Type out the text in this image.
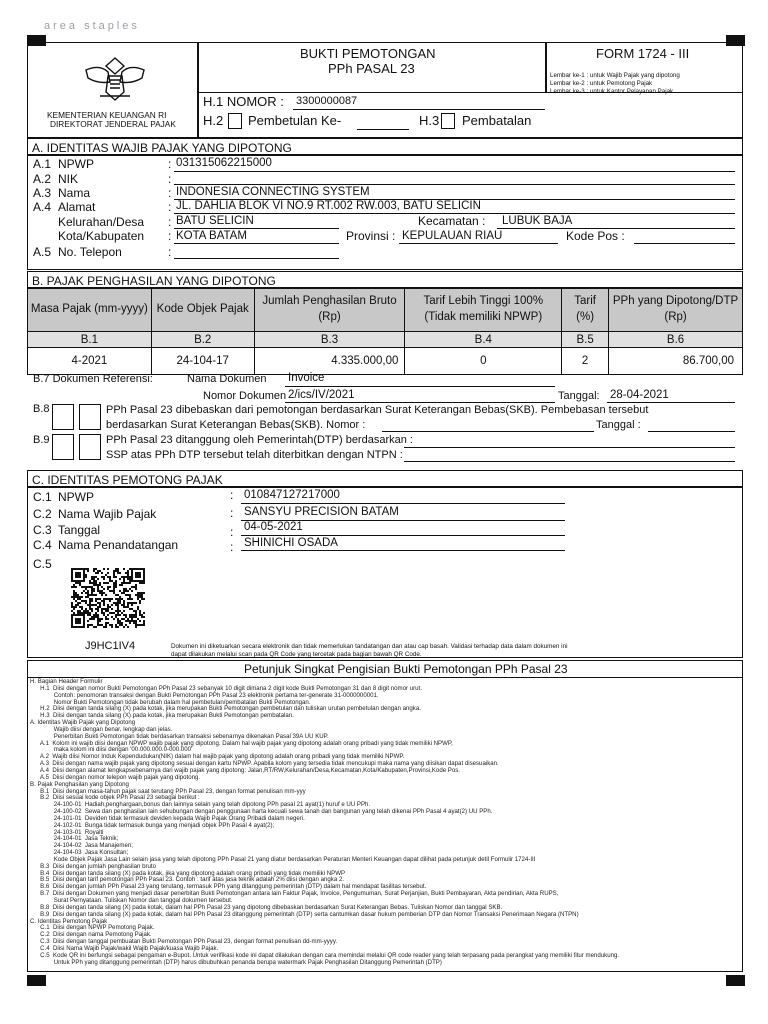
area staples
KEMENTERIAN KEUANGAN RI
DIREKTORAT JENDERAL PAJAK
BUKTI PEMOTONGAN
PPh PASAL 23
FORM 1724 - III
Lembar ke-1 : untuk Wajib Pajak yang dipotong
Lembar ke-2 : untuk Pemotong Pajak
Lembar ke-3 : untuk Kantor Pelayanan Pajak
H.1 NOMOR : 3300000087
H.2 Pembetulan Ke-	H.3 Pembatalan
A. IDENTITAS WAJIB PAJAK YANG DIPOTONG
A.1 NPWP	: 031315062215000
A.2 NIK	:
A.3 Nama	: INDONESIA CONNECTING SYSTEM
A.4 Alamat	: JL. DAHLIA BLOK VI NO.9 RT.002 RW.003, BATU SELICIN
Kelurahan/Desa : BATU SELICIN	Kecamatan : LUBUK BAJA
Kota/Kabupaten : KOTA BATAM	Provinsi : KEPULAUAN RIAU	Kode Pos :
A.5 No. Telepon	:
B. PAJAK PENGHASILAN YANG DIPOTONG
Masa Pajak (mm-yyyy)	Kode Objek Pajak	Jumlah Penghasilan Bruto (Rp)	Tarif Lebih Tinggi 100% (Tidak memiliki NPWP)	Tarif (%)	PPh yang Dipotong/DTP (Rp)
B.1	B.2	B.3	B.4	B.5	B.6
4-2021	24-104-17	4.335.000,00	0	2	86.700,00
B.7 Dokumen Referensi:	Nama Dokumen Invoice
Nomor Dokumen 2/ics/IV/2021	Tanggal: 28-04-2021
B.8	PPh Pasal 23 dibebaskan dari pemotongan berdasarkan Surat Keterangan Bebas(SKB). Pembebasan tersebut
berdasarkan Surat Keterangan Bebas(SKB). Nomor :	Tanggal :
B.9	PPh Pasal 23 ditanggung oleh Pemerintah(DTP) berdasarkan :
SSP atas PPh DTP tersebut telah diterbitkan dengan NTPN :
C. IDENTITAS PEMOTONG PAJAK
C.1 NPWP	: 010847127217000
C.2 Nama Wajib Pajak	: SANSYU PRECISION BATAM
C.3 Tanggal	: 04-05-2021
C.4 Nama Penandatangan	: SHINICHI OSADA
C.5
J9HC1IV4	Dokumen ini diketuarkan secara elektronik dan tidak memerlukan tandatangan dan atau cap basah. Validasi terhadap data dalam dokumen ini
dapat dilakukan melalui scan pada QR Code yang tercetak pada bagian bawah QR Code.
Petunjuk Singkat Pengisian Bukti Pemotongan PPh Pasal 23
H. Bagian Header Formulir
H.1  Diisi dengan nomor Bukti Pemotongan PPh Pasal 23 sebanyak 10 digit dimana 2 digit kode Bukti Pemotongan 31 dan 8 digit nomor urut.
Contoh: penomoran transaksi dengan Bukti Pemotongan PPh Pasal 23 elektronik pertama ter-generate 31-0000000001.
Nomor Bukti Pemotongan tidak berubah dalam hal pembetulan/pembatalan Bukti Pemotongan.
H.2  Diisi dengan tanda silang (X) pada kotak, jika merupakan Bukti Pemotongan pembetulan dan tuliskan urutan pembetulan dengan angka.
H.3  Diisi dengan tanda silang (X) pada kotak, jika merupakan Bukti Pemotongan pembatalan.
A. Identitas Wajib Pajak yang Dipotong
Wajib diisi dengan benar, lengkap dan jelas.
Penerbitan Bukti Pemotongan tidak berdasarkan transaksi sebenarnya dikenakan Pasal 39A UU KUP.
A.1  Kolom ini wajib diisi dengan NPWP wajib pajak yang dipotong. Dalam hal wajib pajak yang dipotong adalah orang pribadi yang tidak memiliki NPWP,
maka kolom ini diisi dengan '00.000.000.0-000.000'
A.2  Wajib diisi Nomor Induk Kependudukan(NIK) dalam hal wajib pajak yang dipotong adalah orang pribadi yang tidak memiliki NPWP.
A.3  Diisi dengan nama wajib pajak yang dipotong sesuai dengan kartu NPWP. Apabila kolom yang tersedia tidak mencukupi maka nama yang diisikan dapat disesuaikan.
A.4  Diisi dengan alamat lengkapsebenarnya dari wajib pajak yang dipotong: Jalan,RT/RW,Kelurahan/Desa,Kecamatan,Kota/Kabupaten,Provinsi,Kode Pos.
A.5  Diisi dengan nomor telepon wajib pajak yang dipotong.
B. Pajak Penghasilan yang Dipotong
B.1  Diisi dengan masa-tahun pajak saat terutang PPh Pasal 23, dengan format penulisan mm-yyy
B.2  Diisi sesuai kode objek PPh Pasal 23 sebagai berikut :
24-100-01  Hadiah,penghargaan,bonus dan lainnya selain yang telah dipotong PPh pasal 21 ayat(1) huruf e UU PPh.
24-100-02  Sewa dan penghasilan lain sehubungan dengan penggunaan harta kecuali sewa tanah dan bangunan yang telah dikenai PPh Pasal 4 ayat(2) UU PPh.
24-101-01  Deviden tidak termasuk deviden kepada Wajib Pajak Orang Pribadi dalam negeri.
24-102-01  Bunga tidak termasuk bunga yang menjadi objek PPh Pasal 4 ayat(2);
24-103-01  Royalti
24-104-01  Jasa Teknik;
24-104-02  Jasa Manajemen;
24-104-03  Jasa Konsultan;
Kode Objek Pajak Jasa Lain selain jasa yang telah dipotong PPh Pasal 21 yang diatur berdasarkan Peraturan Menteri Keuangan dapat dilihat pada petunjuk detil Formulir 1724-III
B.3  Diisi dengan jumlah penghasilan bruto
B.4  Diisi dengan tanda silang (X) pada kotak, jika yang dipotong adalah orang pribadi yang tidak memiliki NPWP
B.5  Diisi dengan tarif pemotongan PPh Pasal 23. Contoh : tarif atas jasa teknik adalah 2% diisi dengan angka 2.
B.6  Diisi dengan jumlah PPh Pasal 23 yang terutang, termasuk PPh yang ditanggung pemerintah (DTP) dalam hal mendapat fasilitas tersebut.
B.7  Diisi dengan Dokumen yang menjadi dasar penerbitan Bukti Pemotongan antara lain Faktur Pajak, Invoice, Pengumuman, Surat Perjanjian, Bukti Pembayaran, Akta pendirian, Akta RUPS,
Surat Pernyataan. Tuliskan Nomor dan tanggal dokumen tersebut.
B.8  Diisi dengan tanda silang (X) pada kotak, dalam hal PPh Pasal 23 yang dipotong dibebaskan berdasarkan Surat Keterangan Bebas. Tuliskan Nomor dan tanggal SKB.
B.9  Diisi dengan tanda silang (X) pada kotak, dalam hal PPh Pasal 23 ditanggung pemerintah (DTP) serta cantumkan dasar hukum pemberian DTP dan Nomor Transaksi Penerimaan Negara (NTPN)
C. Identitas Pemotong Pajak
C.1  Diisi dengan NPWP Pemotong Pajak.
C.2  Diisi dengan nama Pemotong Pajak.
C.3  Diisi dengan tanggal pembuatan Bukti Pemotongan PPh Pasal 23, dengan format penulisan dd-mm-yyyy.
C.4  Diisi Nama Wajib Pajak/wakil Wajib Pajak/kuasa Wajib Pajak.
C.5  Kode QR ini berfungsi sebagai pengaman e-Bupot. Untuk verifikasi kode ini dapat dilakukan dengan cara memindai melalui QR code reader yang telah terpasang pada perangkat yang memiliki fitur mendukung.
Untuk PPh yang ditanggung pemerintah (DTP) harus dibubuhkan penanda berupa watermark Pajak Penghasilan Ditanggung Pemerintah (DTP)
